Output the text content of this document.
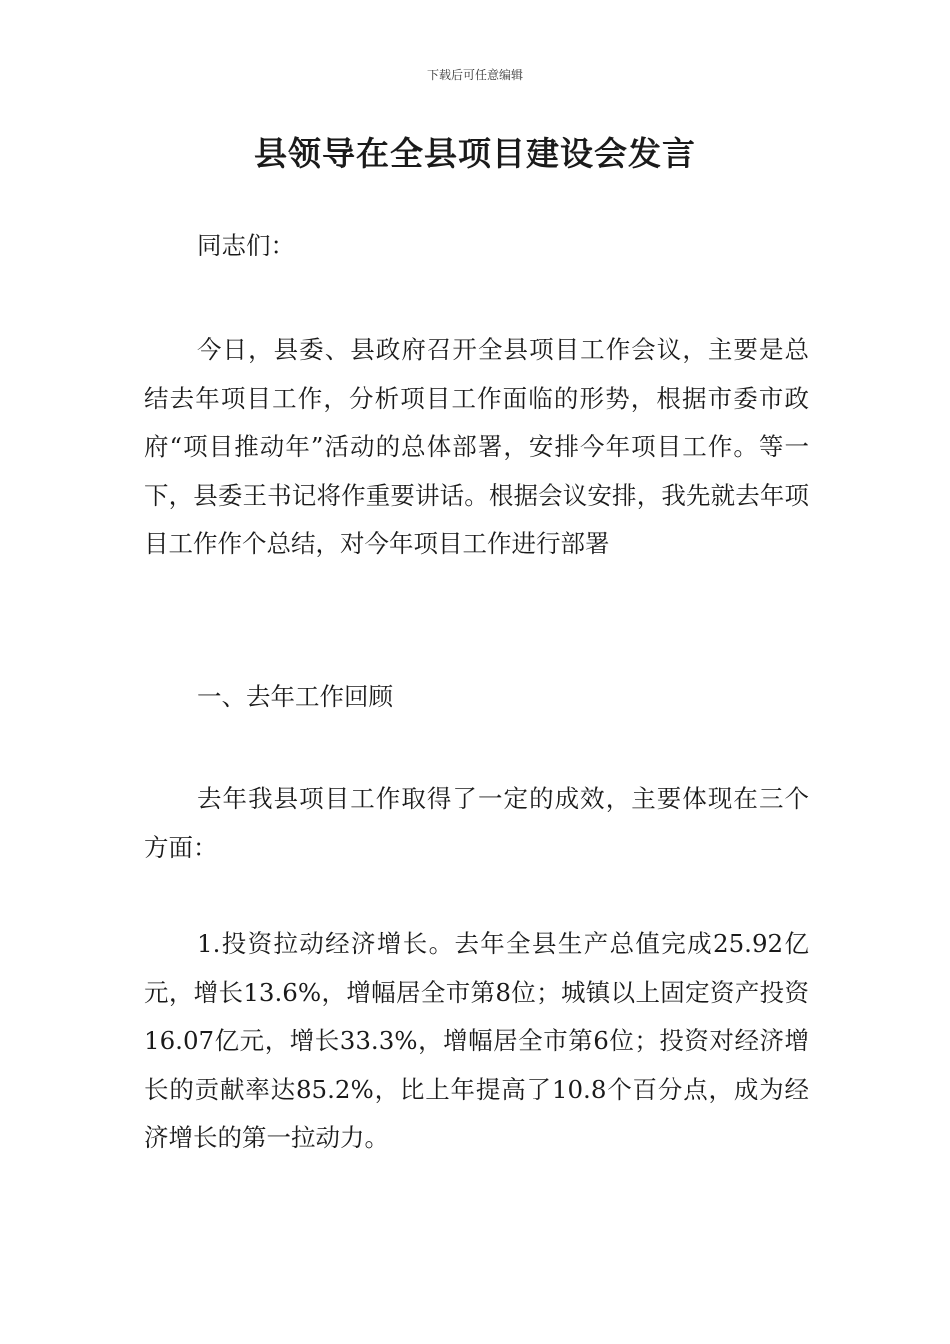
下载后可任意编辑
县领导在全县项目建设会发言

同志们：

今日，县委、县政府召开全县项目工作会议，主要是总结去年项目工作，分析项目工作面临的形势，根据市委市政府“项目推动年”活动的总体部署，安排今年项目工作。等一下，县委王书记将作重要讲话。根据会议安排，我先就去年项目工作作个总结，对今年项目工作进行部署

一、去年工作回顾

去年我县项目工作取得了一定的成效，主要体现在三个方面：

1.投资拉动经济增长。去年全县生产总值完成25.92亿元，增长13.6%，增幅居全市第8位；城镇以上固定资产投资16.07亿元，增长33.3%，增幅居全市第6位；投资对经济增长的贡献率达85.2%，比上年提高了10.8个百分点，成为经济增长的第一拉动力。
